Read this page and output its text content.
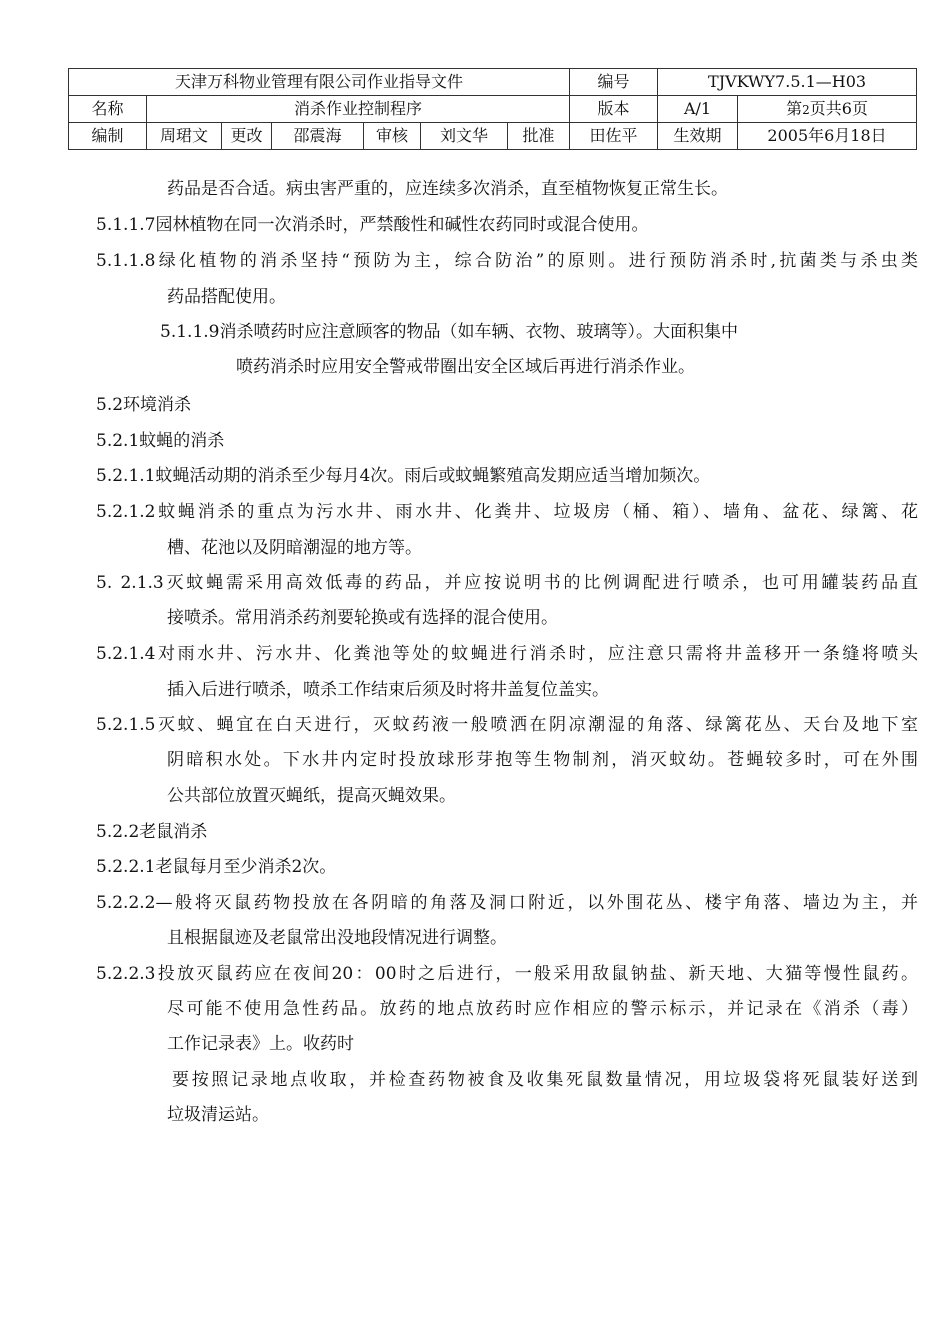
天津万科物业管理有限公司作业指导文件							编号	TJVKWY7.5.1—H03	
名称	消杀作业控制程序						版本	A/1	第2页共6页
编制	周珺文	更改	邵震海	审核	刘文华	批准	田佐平	生效期	2005年6月18日
药品是否合适。病虫害严重的，应连续多次消杀，直至植物恢复正常生长。
5.1.1.7园林植物在同一次消杀时，严禁酸性和碱性农药同时或混合使用。
5.1.1.8绿化植物的消杀坚持“预防为主，综合防治”的原则。进行预防消杀时,抗菌类与杀虫类
药品搭配使用。
5.1.1.9消杀喷药时应注意顾客的物品（如车辆、衣物、玻璃等）。大面积集中
喷药消杀时应用安全警戒带圈出安全区域后再进行消杀作业。
5.2环境消杀
5.2.1蚊蝇的消杀
5.2.1.1蚊蝇活动期的消杀至少每月4次。雨后或蚊蝇繁殖高发期应适当增加频次。
5.2.1.2蚊蝇消杀的重点为污水井、雨水井、化粪井、垃圾房（桶、箱）、墙角、盆花、绿篱、花
槽、花池以及阴暗潮湿的地方等。
5. 2.1.3灭蚊蝇需采用高效低毒的药品，并应按说明书的比例调配进行喷杀，也可用罐装药品直
接喷杀。常用消杀药剂要轮换或有选择的混合使用。
5.2.1.4对雨水井、污水井、化粪池等处的蚊蝇进行消杀时，应注意只需将井盖移开一条缝将喷头
插入后进行喷杀，喷杀工作结束后须及时将井盖复位盖实。
5.2.1.5灭蚊、蝇宜在白天进行，灭蚊药液一般喷洒在阴凉潮湿的角落、绿篱花丛、天台及地下室
阴暗积水处。下水井内定时投放球形芽抱等生物制剂，消灭蚊幼。苍蝇较多时，可在外围
公共部位放置灭蝇纸，提高灭蝇效果。
5.2.2老鼠消杀
5.2.2.1老鼠每月至少消杀2次。
5.2.2.2—般将灭鼠药物投放在各阴暗的角落及洞口附近，以外围花丛、楼宇角落、墙边为主，并
且根据鼠迹及老鼠常出没地段情况进行调整。
5.2.2.3投放灭鼠药应在夜间20：00时之后进行，一般采用敌鼠钠盐、新天地、大猫等慢性鼠药。
尽可能不使用急性药品。放药的地点放药时应作相应的警示标示，并记录在《消杀（毒）
工作记录表》上。收药时
要按照记录地点收取，并检查药物被食及收集死鼠数量情况，用垃圾袋将死鼠装好送到
垃圾清运站。
